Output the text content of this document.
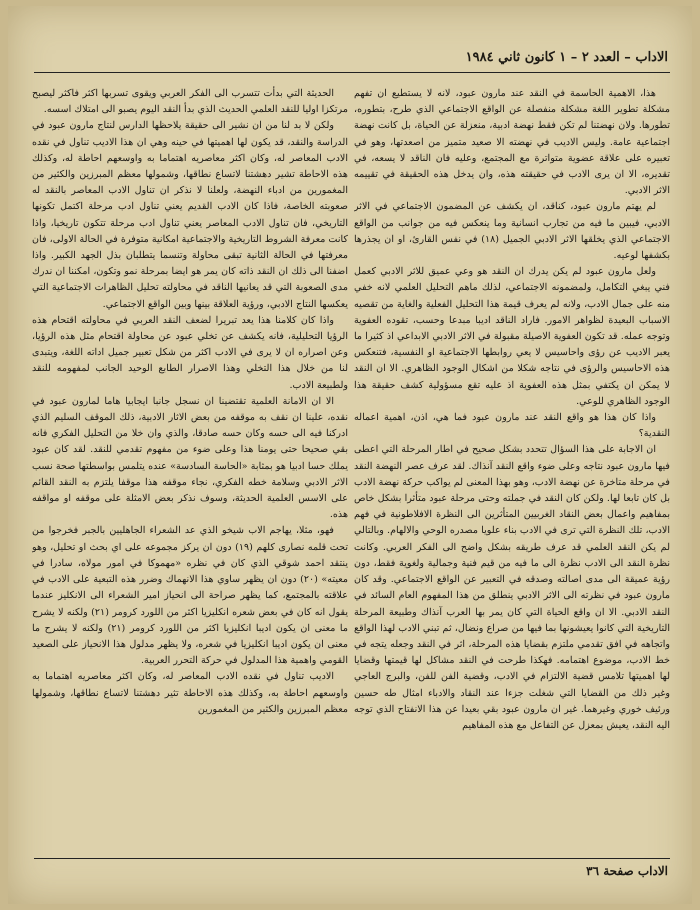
الاداب – العدد ٢ – ١ كانون ثاني ١٩٨٤

هذا، الاهمية الحاسمة في النقد عند مارون عبود، لانه لا يستطيع ان تفهم مشكلة تطوير اللغة مشكلة منفصلة عن الواقع الاجتماعي الذي طرح، بتطوره، تطورها. ولان نهضتنا لم تكن فقط نهضة ادبية، منعزلة عن الحياة، بل كانت نهضة اجتماعية عامة. وليس الاديب في نهضته الا صعيد متميز من اصعدتها، وهو في تعبيره على علاقة عضوية متواترة مع المجتمع، وعليه فان الناقد لا يسعه، في تقديره، الا ان يرى الادب في حقيقته هذه، وان يدخل هذه الحقيقة في تقييمه الاثر الادبي.

لم يهتم مارون عبود، كناقد، ان يكشف عن المضمون الاجتماعي في الاثر الادبي، فيبين ما فيه من تجارب انسانية وما ينعكس فيه من جوانب من الواقع الاجتماعي الذي يخلقها الاثر الادبي الجميل (١٨) في نفس القارئ، او ان يجذرها بكشفها لوعيه.

ولعل مارون عبود لم يكن يدرك ان النقد هو وعي عميق للاثر الادبي كعمل فني يبغي التكامل، ولمضمونه الاجتماعي، لذلك ماهم التحليل العلمي لانه خفي منه على جمال الادب، ولانه لم يعرف قيمة هذا التحليل الفعلية والغاية من تقصيه الاسباب البعيدة لظواهر الامور. فاراد الناقد اديبا مبدعا وحسب، تقوده العفوية وتوجه عمله. قد تكون العفوية الاصيلة مقبولة في الاثر الادبي الابداعي اذ كثيرا ما يعبر الاديب عن رؤى واحاسيس لا يعي روابطها الاجتماعية او النفسية، فتنعكس هذه الاحاسيس والرؤى في نتاجه شكلا من اشكال الوجود الظاهري. الا ان النقد لا يمكن ان يكتفي بمثل هذه العفوية اذ عليه تقع مسؤولية كشف حقيقة هذا الوجود الظاهري للوعي.

واذا كان هذا هو واقع النقد عند مارون عبود فما هي، اذن، اهمية اعماله النقدية؟

ان الاجابة على هذا السؤال تتحدد بشكل صحيح في اطار المرحلة التي اعطى فيها مارون عبود نتاجه وعلى ضوء واقع النقد آنذاك. لقد عرف عصر النهضة النقد في مرحلة متاخرة عن نهضة الادب، وهو بهذا المعنى لم يواكب حركة نهضة الادب بل كان تابعا لها. ولكن كان النقد في جملته وحتى مرحلة عبود متأثرا بشكل خاص بمفاهيم واعمال بعض النقاد الغربيين المتأثرين الى النظرة الافلاطونية في فهم الادب، تلك النظرة التي ترى في الادب بناء علويا مصدره الوحي والالهام. وبالتالي لم يكن النقد العلمي قد عرف طريقه بشكل واضح الى الفكر العربي. وكانت نظرة النقد الى الادب نظرة الى ما فيه من قيم فنية وجمالية ولغوية فقط، دون رؤية عميقة الى مدى اصالته وصدقه في التعبير عن الواقع الاجتماعي. وقد كان مارون عبود في نظرته الى الاثر الادبي ينطلق من هذا المفهوم العام السائد في النقد الادبي. الا ان واقع الحياة التي كان يمر بها العرب آنذاك وطبيعة المرحلة التاريخية التي كانوا يعيشونها بما فيها من صراع ونضال، ثم تبني الادب لهذا الواقع واتجاهه في افق تقدمي ملتزم بقضايا هذه المرحلة، اثر في النقد وجعله يتجه في خط الادب، موضوع اهتمامه. فهكذا طرحت في النقد مشاكل لها قيمتها وقضايا لها اهميتها تلامس قضية الالتزام في الادب، وقضية الفن للفن، والبرج العاجي وغير ذلك من القضايا التي شغلت جزءا عند النقاد والادباء امثال طه حسين ورئيف خوري وغيرهما. غير ان مارون عبود بقي بعيدا عن هذا الانفتاح الذي توجه اليه النقد، يعيش بمعزل عن التفاعل مع هذه المفاهيم

الحديثة التي بدأت تتسرب الى الفكر العربي ويقوى تسربها اكثر فاكثر ليصبح مرتكزا اوليا للنقد العلمي الحديث الذي بدأ النقد اليوم يصبو الى امتلاك اسسه.

ولكن لا بد لنا من ان نشير الى حقيقة يلاحظها الدارس لنتاج مارون عبود في الدراسة والنقد، قد يكون لها اهميتها في حينه وهي ان هذا الاديب تناول في نقده الادب المعاصر له، وكان اكثر معاصريه اهتماما به واوسعهم احاطة له، وكذلك هذه الاحاطة تشير دهشتنا لاتساع نطاقها، وشمولها معظم المبرزين والكثير من المغمورين من ادباء النهضة، ولعلنا لا نذكر ان تناول الادب المعاصر بالنقد له صعوبته الخاصة، فاذا كان الادب القديم يعني تناول ادب مرحلة اكتمل تكونها التاريخي، فان تناول الادب المعاصر يعني تناول ادب مرحلة تتكون تاريخيا، واذا كانت معرفة الشروط التاريخية والاجتماعية امكانية متوفرة في الحالة الاولى، فان معرفتها في الحالة الثانية تبقى محاولة وتنسما يتطلبان بذل الجهد الكبير. واذا اضفنا الى ذلك ان النقد ذاته كان يمر هو ايضا بمرحلة نمو وتكون، امكننا ان ندرك مدى الصعوبة التي قد يعانيها الناقد في محاولته تحليل الظاهرات الاجتماعية التي يعكسها النتاج الادبي، ورؤية العلاقة بينها وبين الواقع الاجتماعي.

واذا كان كلامنا هذا يعد تبريرا لضعف النقد العربي في محاولته اقتحام هذه الرؤيا التحليلية، فانه يكشف عن تخلي عبود عن محاولة اقتحام مثل هذه الرؤيا، وعن اصراره ان لا يرى في الادب اكثر من شكل تعبير جميل اداته اللغة، ويتبدى لنا من خلال هذا التخلي وهذا الاصرار الطابع الوحيد الجانب لمفهومه للنقد ولطبيعة الادب.

الا ان الامانة العلمية تقتضينا ان نسجل جانبا ايجابيا هاما لمارون عبود في نقده، علينا ان نقف به موقفه من بعض الاثار الادبية، ذلك الموقف السليم الذي ادركنا فيه الى حسه وكان حسه صادقا، والذي وان خلا من التحليل الفكري فانه بقي صحيحا حتى يومنا هذا وعلى ضوء من مفهوم تقدمي للنقد. لقد كان عبود يملك حسا ادبيا هو بمثابة «الحاسة السادسة» عنده يتلمس بواسطتها صحة نسب الاثر الادبي وسلامة خطه الفكري، نجاء موقفه هذا موقفا يلتزم به النقد القائم على الاسس العلمية الحديثة، وسوف نذكر بعض الامثلة على موقفه او مواقفه هذه.

فهو، مثلا، يهاجم الاب شيخو الذي عد الشعراء الجاهليين بالجبر فخرجوا من تحت قلمه نصارى كلهم (١٩) دون ان يركز مجموعه على اي بحث او تحليل، وهو ينتقد احمد شوقي الذي كان في نظره «مهموكا في امور مولاه، سادرا في معيته» (٢٠) دون ان يظهر ساوي هذا الانهماك وضرر هذه التبعية على الادب في علاقته بالمجتمع، كما يظهر صراحة الى انحياز امير الشعراء الى الانكليز عندما يقول انه كان في بعض شعره انكليزيا اكثر من اللورد كرومر (٢١) ولكنه لا يشرح ما معنى ان يكون اديبا انكليزيا اكثر من اللورد كرومر (٢١) ولكنه لا يشرح ما معنى ان يكون اديبا انكليزيا في شعره، ولا يظهر مدلول هذا الانحياز على الصعيد القومي واهمية هذا المدلول في حركة التحرر العربية.

الاديب تناول في نقده الادب المعاصر له، وكان اكثر معاصريه اهتماما به واوسعهم احاطة به، وكذلك هذه الاحاطة تثير دهشتنا لاتساع نطاقها، وشمولها معظم المبرزين والكثير من المغمورين

الاداب صفحة ٣٦
